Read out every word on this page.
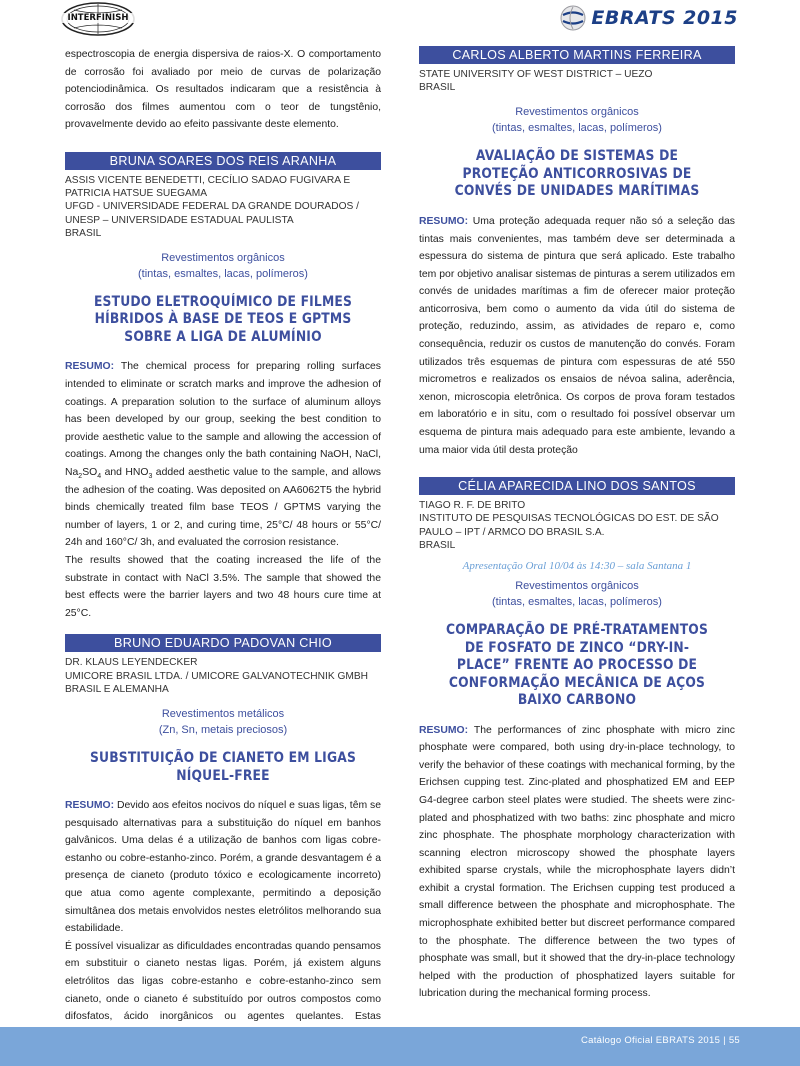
INTERFINISH	EBRATS 2015

espectroscopia de energia dispersiva de raios-X. O comportamento de corrosão foi avaliado por meio de curvas de polarização potenciodinâmica. Os resultados indicaram que a resistência à corrosão dos filmes aumentou com o teor de tungstênio, provavelmente devido ao efeito passivante deste elemento.

BRUNA SOARES DOS REIS ARANHA

ASSIS VICENTE BENEDETTI, CECÍLIO SADAO FUGIVARA E PATRICIA HATSUE SUEGAMA

UFGD - UNIVERSIDADE FEDERAL DA GRANDE DOURADOS / UNESP – UNIVERSIDADE ESTADUAL PAULISTA

BRASIL

Revestimentos orgânicos
(tintas, esmaltes, lacas, polímeros)
ESTUDO ELETROQUÍMICO DE FILMES HÍBRIDOS À BASE DE TEOS E GPTMS SOBRE A LIGA DE ALUMÍNIO

RESUMO: The chemical process for preparing rolling surfaces intended to eliminate or scratch marks and improve the adhesion of coatings. A preparation solution to the surface of aluminum alloys has been developed by our group, seeking the best condition to provide aesthetic value to the sample and allowing the accession of coatings. Among the changes only the bath containing NaOH, NaCl, $Na_2SO_4$ and $HNO_3$ added aesthetic value to the sample, and allows the adhesion of the coating. Was deposited on AA6062T5 the hybrid binds chemically treated film base TEOS / GPTMS varying the number of layers, 1 or 2, and curing time, 25°C/ 48 hours or 55°C/ 24h and 160°C/ 3h, and evaluated the corrosion resistance.

The results showed that the coating increased the life of the substrate in contact with NaCl 3.5%. The sample that showed the best effects were the barrier layers and two 48 hours cure time at 25°C.

BRUNO EDUARDO PADOVAN CHIO

DR. KLAUS LEYENDECKER

UMICORE BRASIL LTDA. / UMICORE GALVANOTECHNIK GMBH

BRASIL E ALEMANHA

Revestimentos metálicos
(Zn, Sn, metais preciosos)
SUBSTITUIÇÃO DE CIANETO EM LIGAS NÍQUEL-FREE

RESUMO: Devido aos efeitos nocivos do níquel e suas ligas, têm se pesquisado alternativas para a substituição do níquel em banhos galvânicos. Uma delas é a utilização de banhos com ligas cobre-estanho ou cobre-estanho-zinco. Porém, a grande desvantagem é a presença de cianeto (produto tóxico e ecologicamente incorreto) que atua como agente complexante, permitindo a deposição simultânea dos metais envolvidos nestes eletrólitos melhorando sua estabilidade.

É possível visualizar as dificuldades encontradas quando pensamos em substituir o cianeto nestas ligas. Porém, já existem alguns eletrólitos das ligas cobre-estanho e cobre-estanho-zinco sem cianeto, onde o cianeto é substituído por outros compostos como difosfatos, ácido inorgânicos ou agentes quelantes. Estas

CARLOS ALBERTO MARTINS FERREIRA

STATE UNIVERSITY OF WEST DISTRICT – UEZO

BRASIL

Revestimentos orgânicos
(tintas, esmaltes, lacas, polímeros)
AVALIAÇÃO DE SISTEMAS DE PROTEÇÃO ANTICORROSIVAS DE CONVÉS DE UNIDADES MARÍTIMAS

RESUMO: Uma proteção adequada requer não só a seleção das tintas mais convenientes, mas também deve ser determinada a espessura do sistema de pintura que será aplicado. Este trabalho tem por objetivo analisar sistemas de pinturas a serem utilizados em convés de unidades marítimas a fim de oferecer maior proteção anticorrosiva, bem como o aumento da vida útil do sistema de proteção, reduzindo, assim, as atividades de reparo e, como consequência, reduzir os custos de manutenção do convés. Foram utilizados três esquemas de pintura com espessuras de até 550 micrometros e realizados os ensaios de névoa salina, aderência, xenon, microscopia eletrônica. Os corpos de prova foram testados em laboratório e in situ, com o resultado foi possível observar um esquema de pintura mais adequado para este ambiente, levando a uma maior vida útil desta proteção

CÉLIA APARECIDA LINO DOS SANTOS

TIAGO R. F. DE BRITO

INSTITUTO DE PESQUISAS TECNOLÓGICAS DO EST. DE SÃO PAULO – IPT / ARMCO DO BRASIL S.A.

BRASIL

Apresentação Oral 10/04 às 14:30 – sala Santana 1
Revestimentos orgânicos
(tintas, esmaltes, lacas, polímeros)
COMPARAÇÃO DE PRÉ-TRATAMENTOS DE FOSFATO DE ZINCO “DRY-IN-PLACE” FRENTE AO PROCESSO DE CONFORMAÇÃO MECÂNICA DE AÇOS BAIXO CARBONO

RESUMO: The performances of zinc phosphate with micro zinc phosphate were compared, both using dry-in-place technology, to verify the behavior of these coatings with mechanical forming, by the Erichsen cupping test. Zinc-plated and phosphatized EM and EEP G4-degree carbon steel plates were studied. The sheets were zinc-plated and phosphatized with two baths: zinc phosphate and micro zinc phosphate. The phosphate morphology characterization with scanning electron microscopy showed the phosphate layers exhibited sparse crystals, while the microphosphate layers didn’t exhibit a crystal formation. The Erichsen cupping test produced a small difference between the phosphate and microphosphate. The microphosphate exhibited better but discreet performance compared to the phosphate. The difference between the two types of phosphate was small, but it showed that the dry-in-place technology helped with the production of phosphatized layers suitable for lubrication during the mechanical forming process.

Catálogo Oficial EBRATS 2015 | 55
